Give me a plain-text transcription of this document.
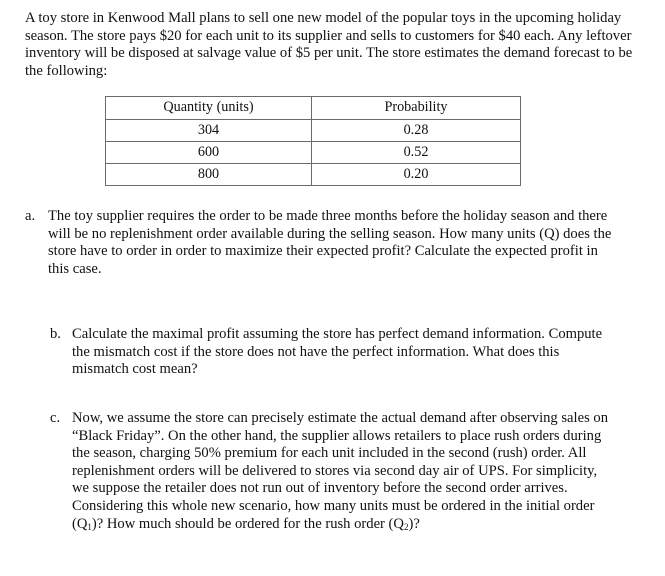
A toy store in Kenwood Mall plans to sell one new model of the popular toys in the upcoming holiday season. The store pays $20 for each unit to its supplier and sells to customers for $40 each. Any leftover inventory will be disposed at salvage value of $5 per unit. The store estimates the demand forecast to be the following:

Quantity (units)	Probability
304	0.28
600	0.52
800	0.20
a. The toy supplier requires the order to be made three months before the holiday season and there will be no replenishment order available during the selling season. How many units (Q) does the store have to order in order to maximize their expected profit? Calculate the expected profit in this case.
b. Calculate the maximal profit assuming the store has perfect demand information. Compute the mismatch cost if the store does not have the perfect information. What does this mismatch cost mean?
c. Now, we assume the store can precisely estimate the actual demand after observing sales on “Black Friday”. On the other hand, the supplier allows retailers to place rush orders during the season, charging 50% premium for each unit included in the second (rush) order. All replenishment orders will be delivered to stores via second day air of UPS. For simplicity, we suppose the retailer does not run out of inventory before the second order arrives. Considering this whole new scenario, how many units must be ordered in the initial order $(Q_1)$? How much should be ordered for the rush order $(Q_2)$?
